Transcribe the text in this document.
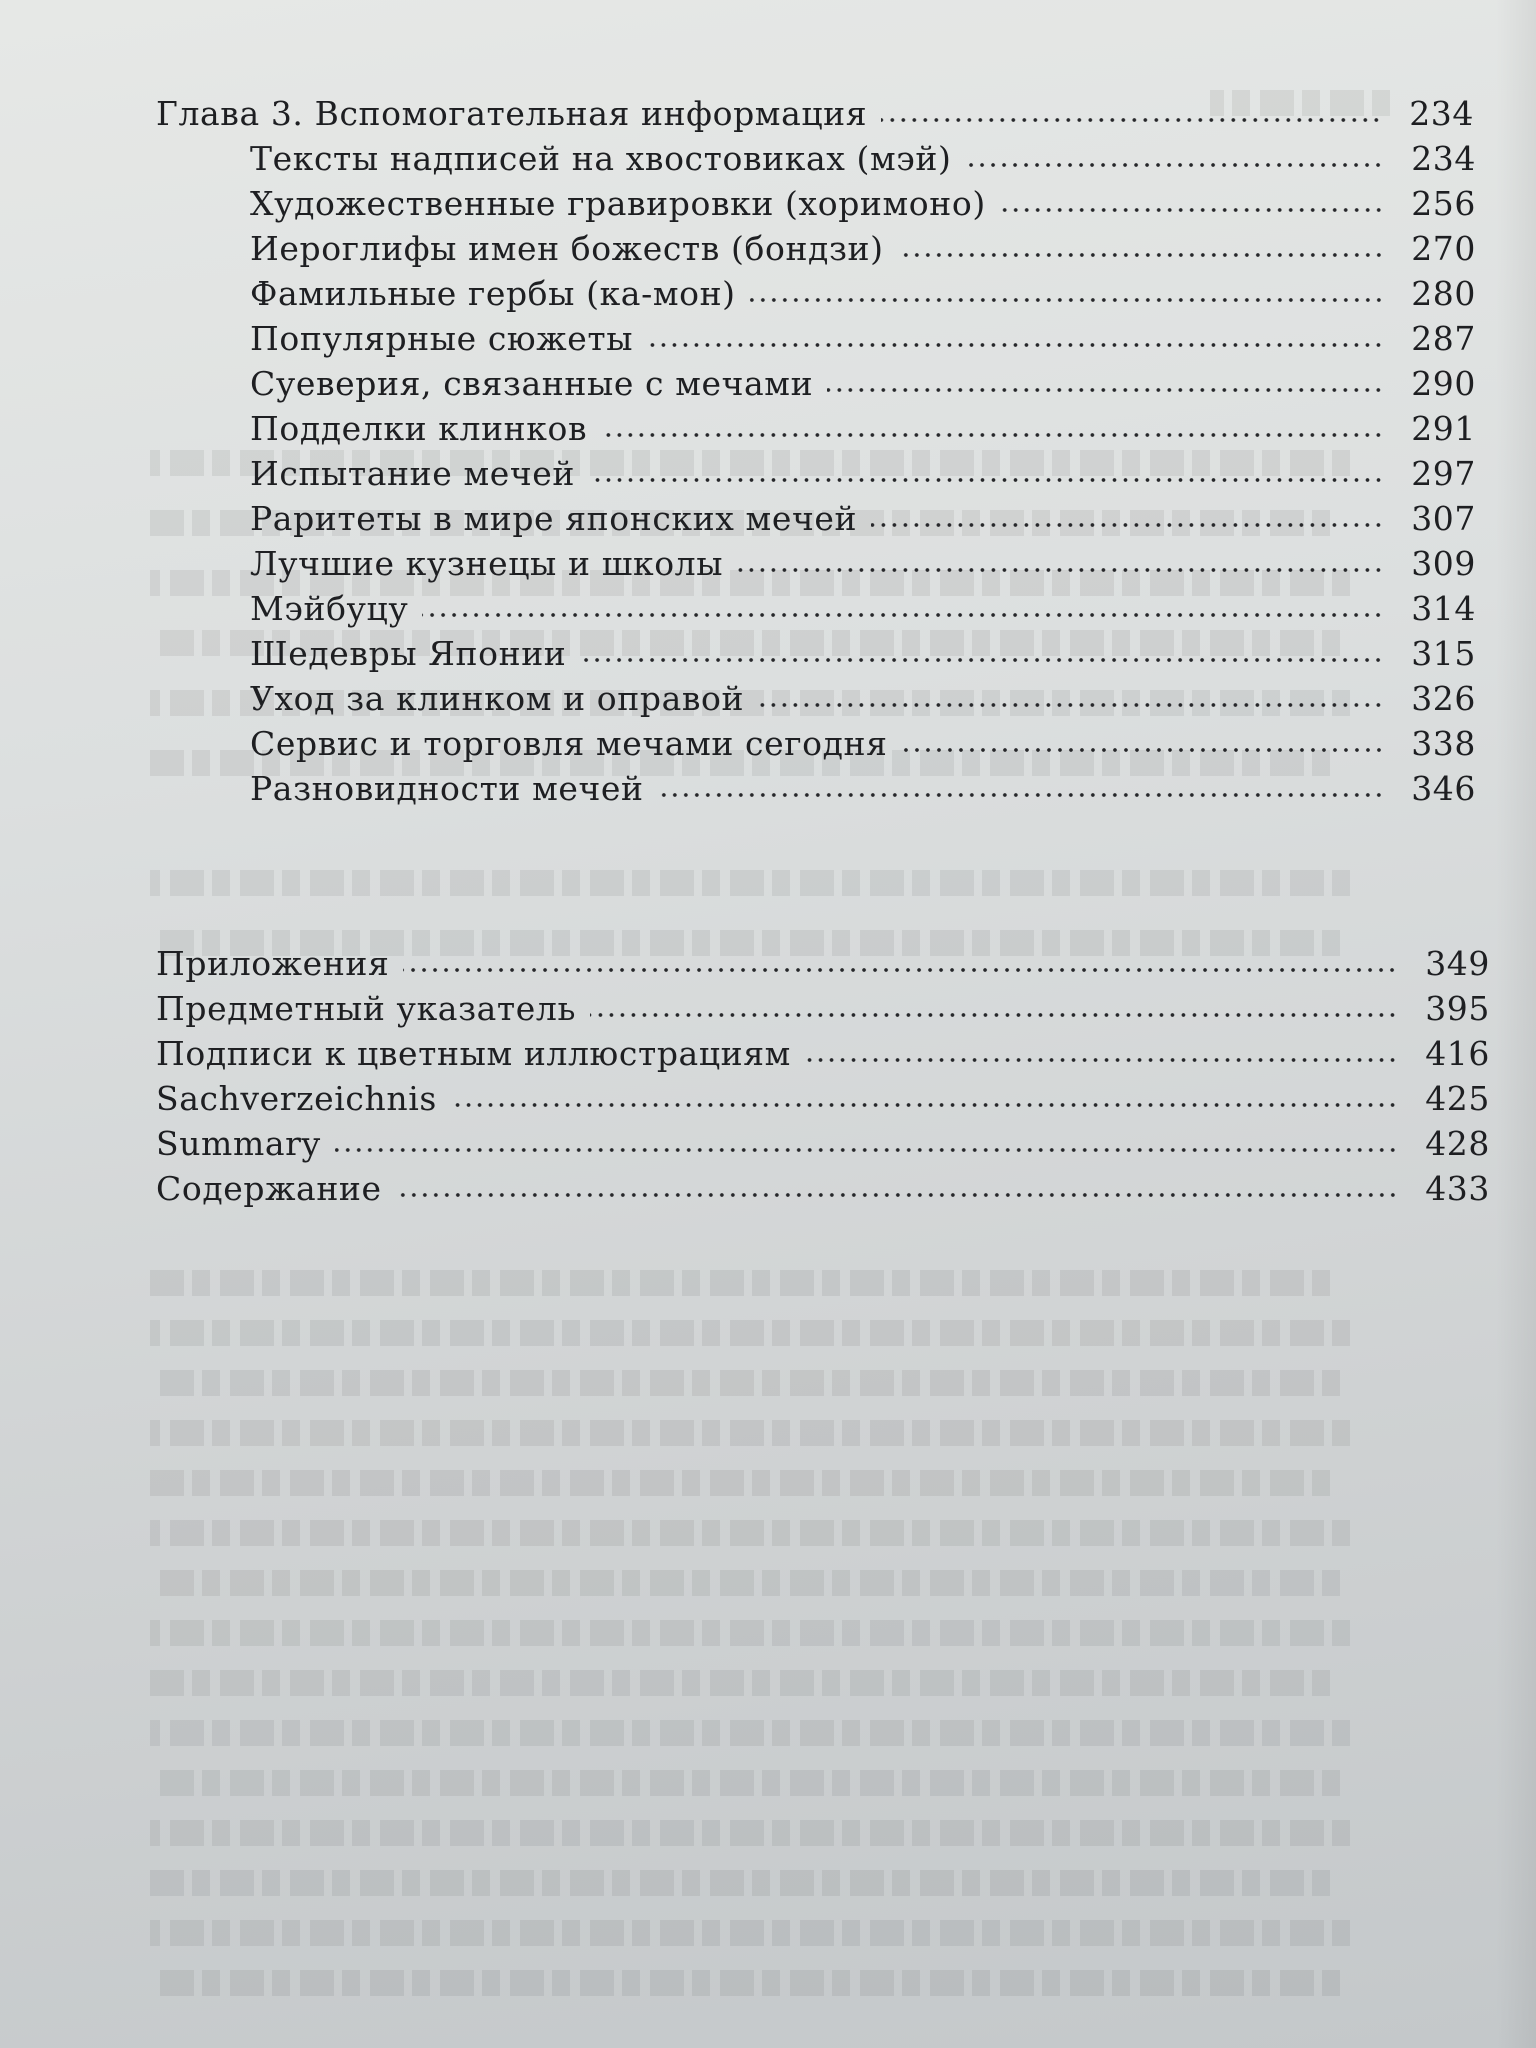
Глава 3. Вспомогательная информация	234
Тексты надписей на хвостовиках (мэй)	234
Художественные гравировки (хоримоно)	256
Иероглифы имен божеств (бондзи)	270
Фамильные гербы (ка-мон)	280
Популярные сюжеты	287
Суеверия, связанные с мечами	290
Подделки клинков	291
Испытание мечей	297
Раритеты в мире японских мечей	307
Лучшие кузнецы и школы	309
Мэйбуцу	314
Шедевры Японии	315
Уход за клинком и оправой	326
Сервис и торговля мечами сегодня	338
Разновидности мечей	346
Приложения	349
Предметный указатель	395
Подписи к цветным иллюстрациям	416
Sachverzeichnis	425
Summary	428
Содержание	433
